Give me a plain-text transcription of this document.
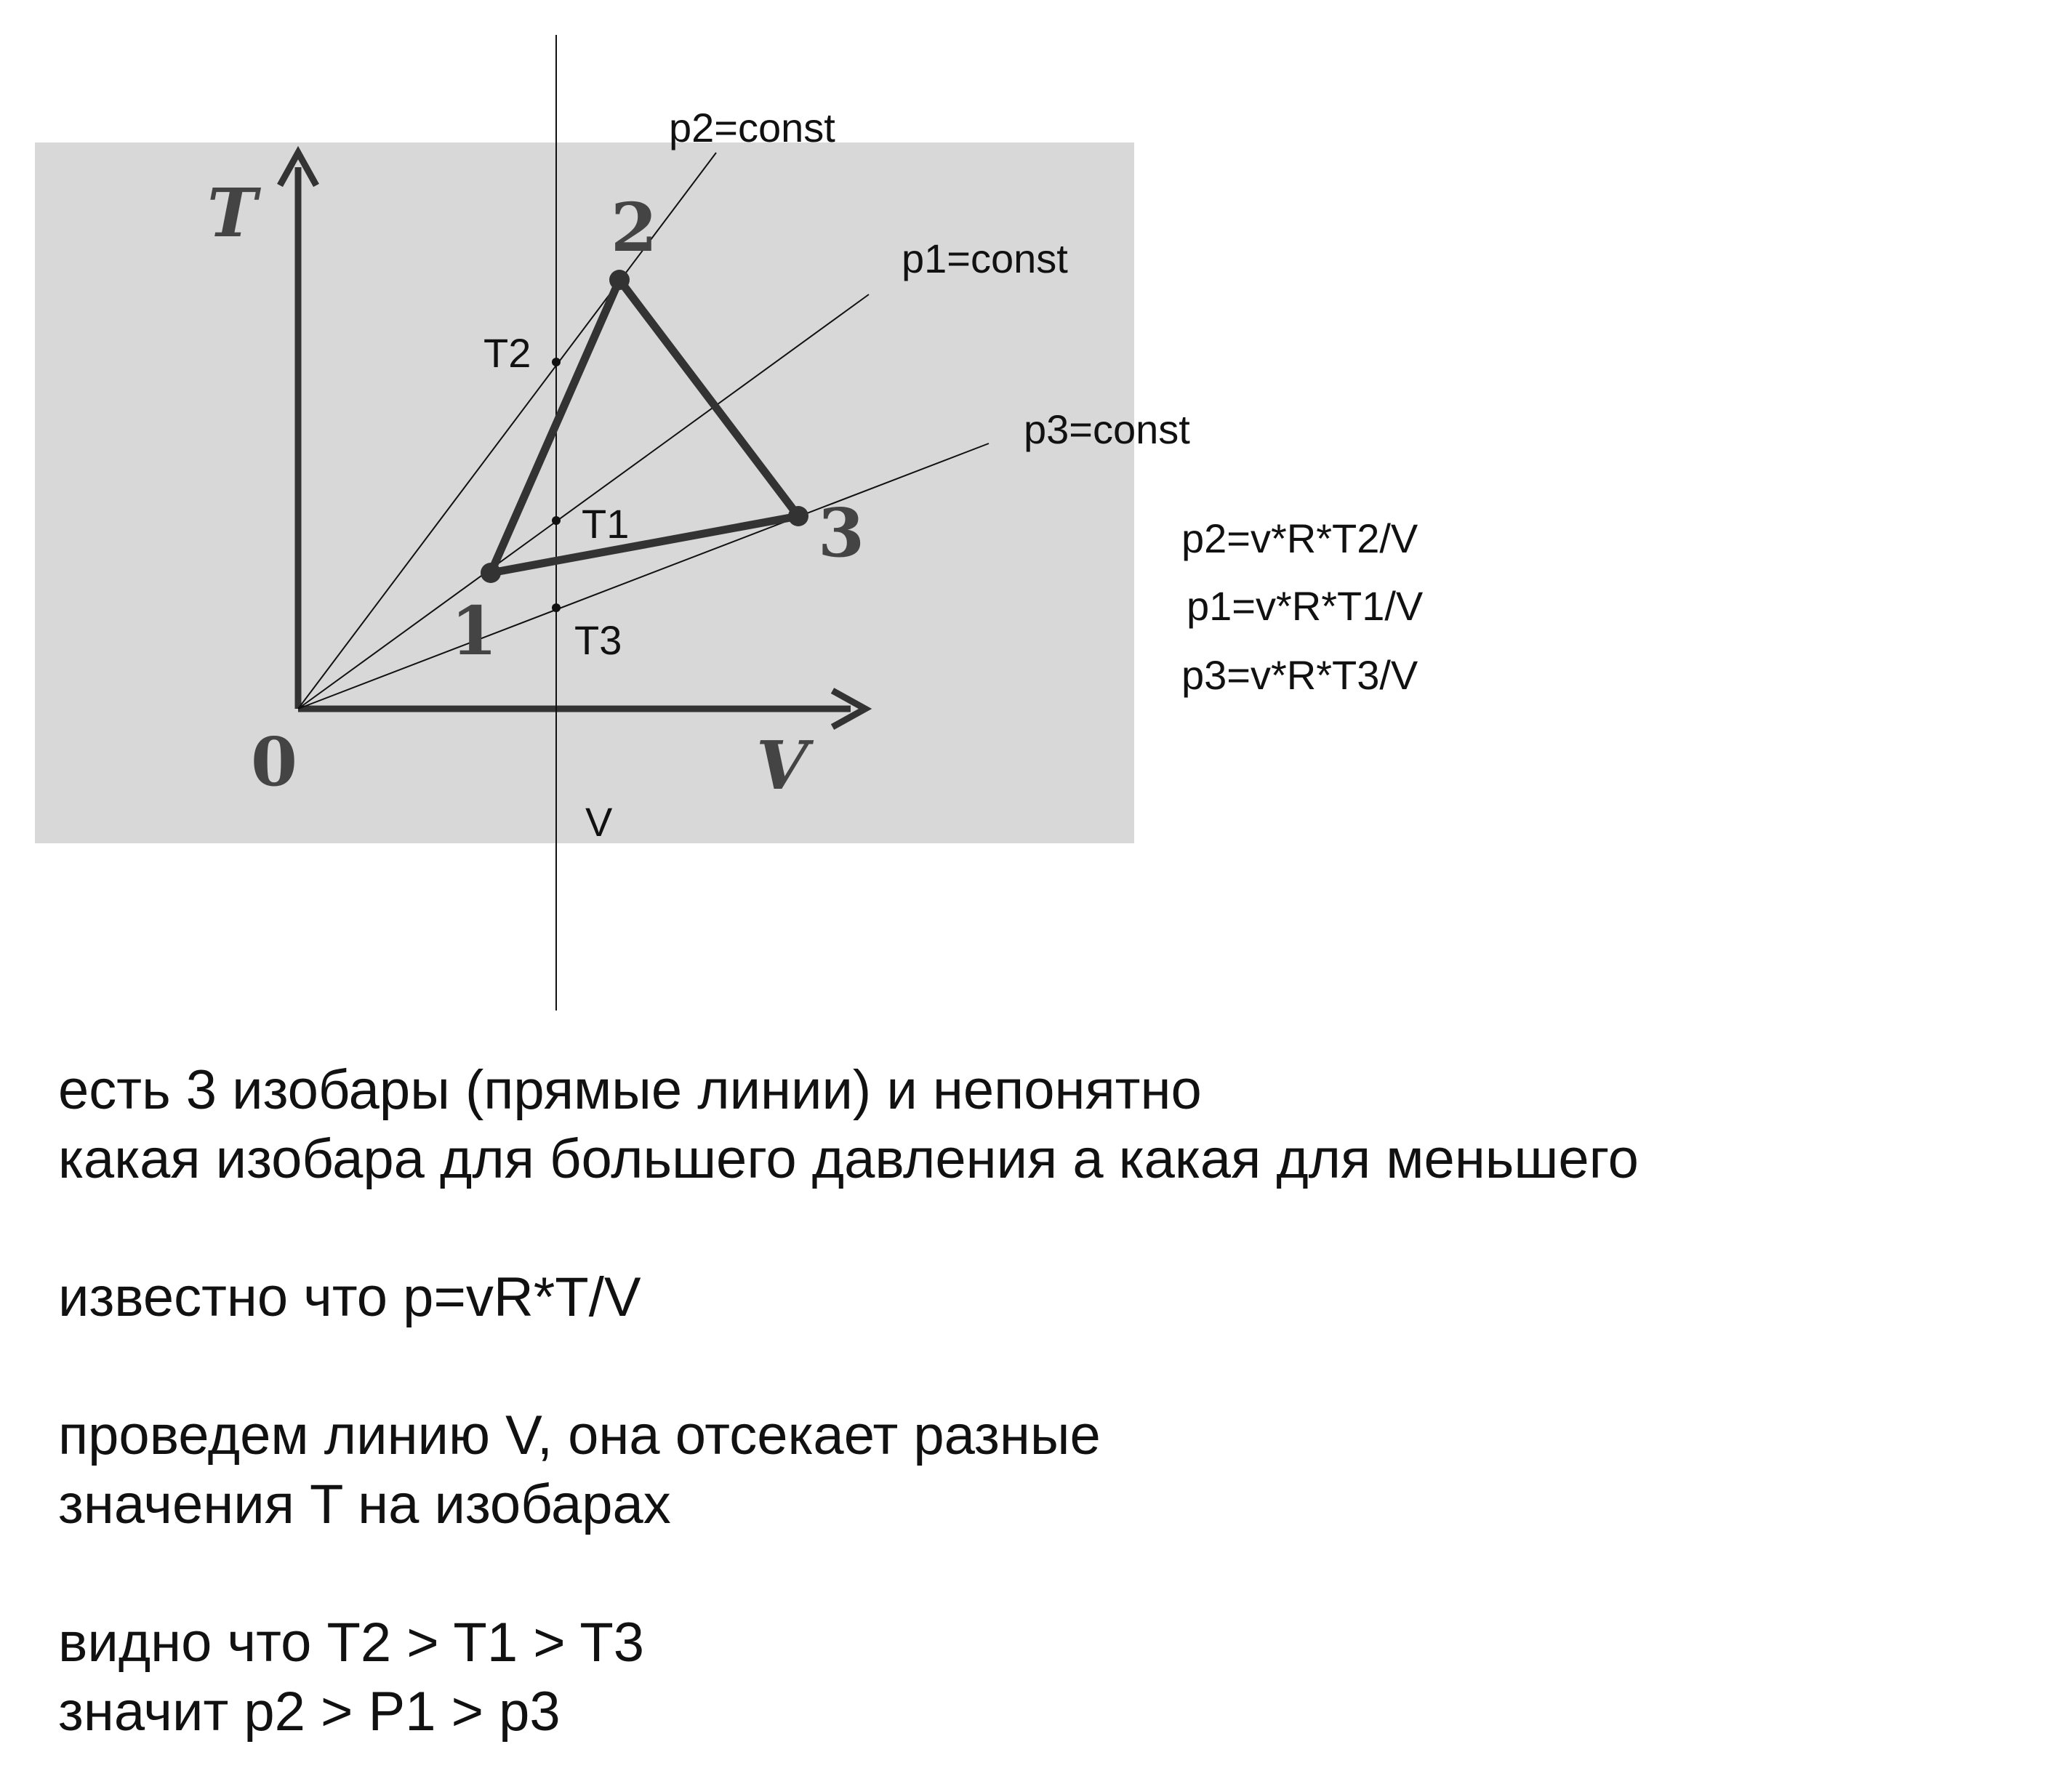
T
V
0
1
2
3
T2
T1
T3
V
p2=const
p1=const
p3=const
p2=v*R*T2/V
p1=v*R*T1/V
p3=v*R*T3/V
есть 3 изобары (прямые линии) и непонятно
какая изобара для большего давления а какая для меньшего
известно что p=vR*T/V
проведем линию V, она отсекает разные
значения T на изобарах
видно что T2 > T1 > T3
значит p2 > P1 > p3
